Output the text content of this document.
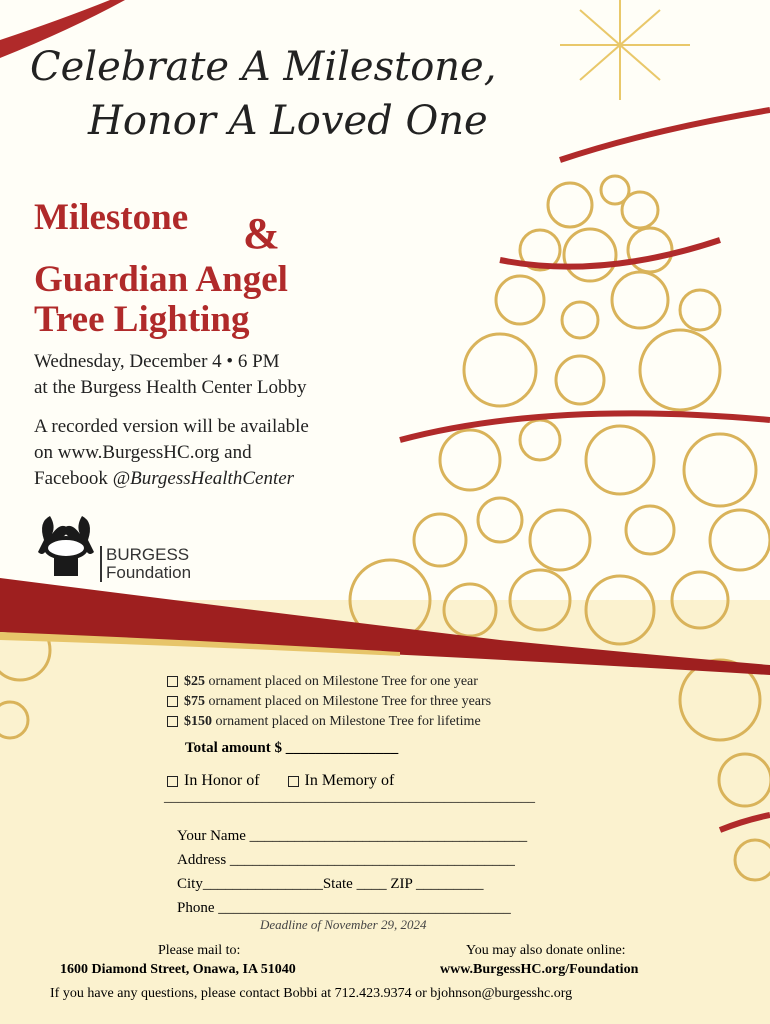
Celebrate A Milestone,
Honor A Loved One
Milestone &
Guardian Angel
Tree Lighting
Wednesday, December 4 • 6 PM
at the Burgess Health Center Lobby
A recorded version will be available
on www.BurgessHC.org and
Facebook @BurgessHealthCenter
BURGESS
Foundation
$25 ornament placed on Milestone Tree for one year
$75 ornament placed on Milestone Tree for three years
$150 ornament placed on Milestone Tree for lifetime
Total amount $ _______________
In Honor of	In Memory of
_____________________________________________________
Your Name _____________________________________
Address ______________________________________
City________________State ____ ZIP _________
Phone _______________________________________
Deadline of November 29, 2024
Please mail to:
1600 Diamond Street, Onawa, IA 51040
You may also donate online:
www.BurgessHC.org/Foundation
If you have any questions, please contact Bobbi at 712.423.9374 or bjohnson@burgesshc.org
